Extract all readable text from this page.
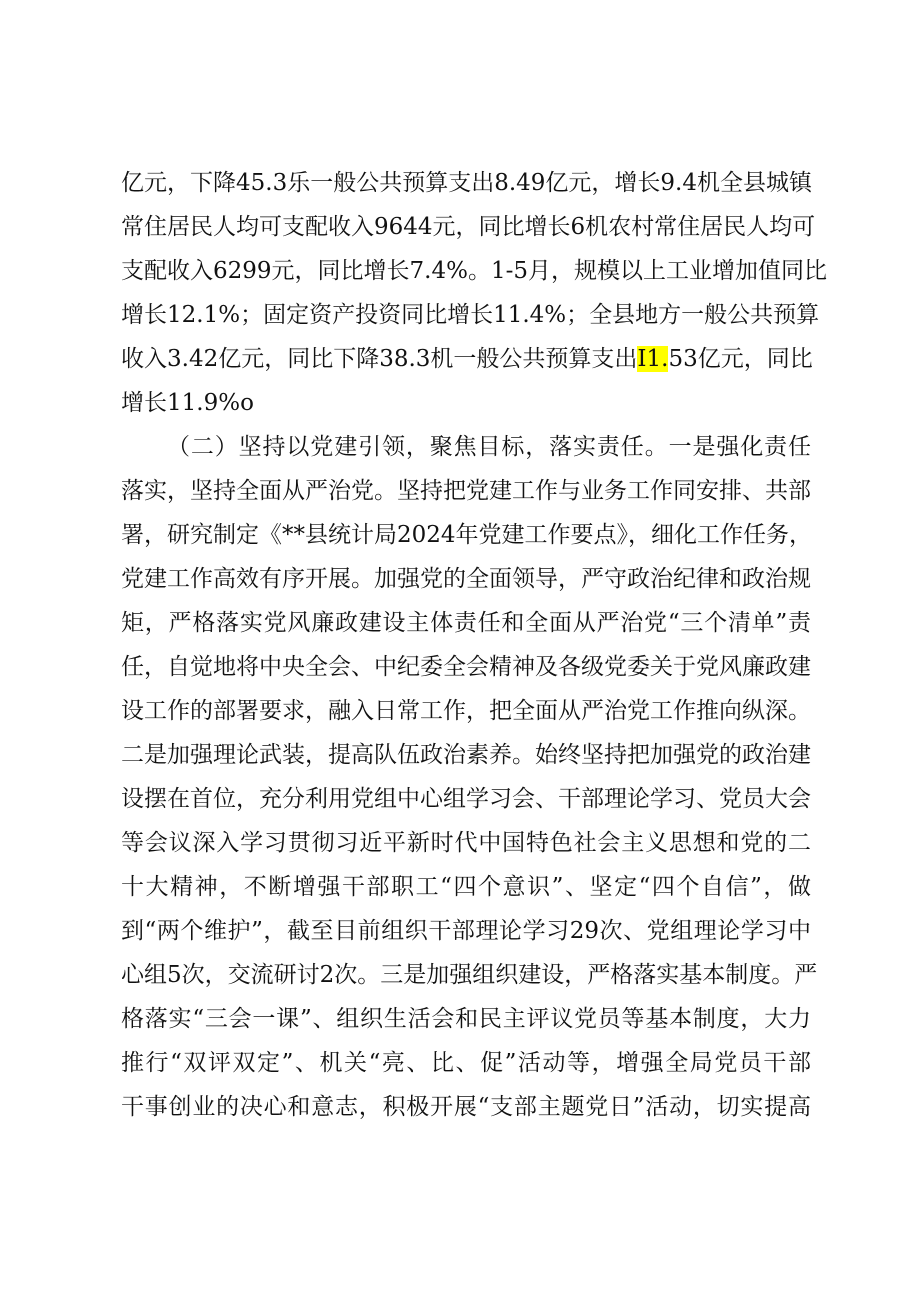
亿元，下降45.3乐一般公共预算支出8.49亿元，增长9.4机全县城镇
常住居民人均可支配收入9644元，同比增长6机农村常住居民人均可
支配收入6299元，同比增长7.4%。1-5月，规模以上工业增加值同比
增长12.1%；固定资产投资同比增长11.4%；全县地方一般公共预算
收入3.42亿元，同比下降38.3机一般公共预算支出I1.53亿元，同比
增长11.9%o
（二）坚持以党建引领，聚焦目标，落实责任。一是强化责任
落实，坚持全面从严治党。坚持把党建工作与业务工作同安排、共部
署，研究制定《**县统计局2024年党建工作要点》，细化工作任务，
党建工作高效有序开展。加强党的全面领导，严守政治纪律和政治规
矩，严格落实党风廉政建设主体责任和全面从严治党“三个清单”责
任，自觉地将中央全会、中纪委全会精神及各级党委关于党风廉政建
设工作的部署要求，融入日常工作，把全面从严治党工作推向纵深。
二是加强理论武装，提高队伍政治素养。始终坚持把加强党的政治建
设摆在首位，充分利用党组中心组学习会、干部理论学习、党员大会
等会议深入学习贯彻习近平新时代中国特色社会主义思想和党的二
十大精神，不断增强干部职工“四个意识”、坚定“四个自信”，做
到“两个维护”，截至目前组织干部理论学习29次、党组理论学习中
心组5次，交流研讨2次。三是加强组织建设，严格落实基本制度。严
格落实“三会一课”、组织生活会和民主评议党员等基本制度，大力
推行“双评双定”、机关“亮、比、促”活动等，增强全局党员干部
干事创业的决心和意志，积极开展“支部主题党日”活动，切实提高
